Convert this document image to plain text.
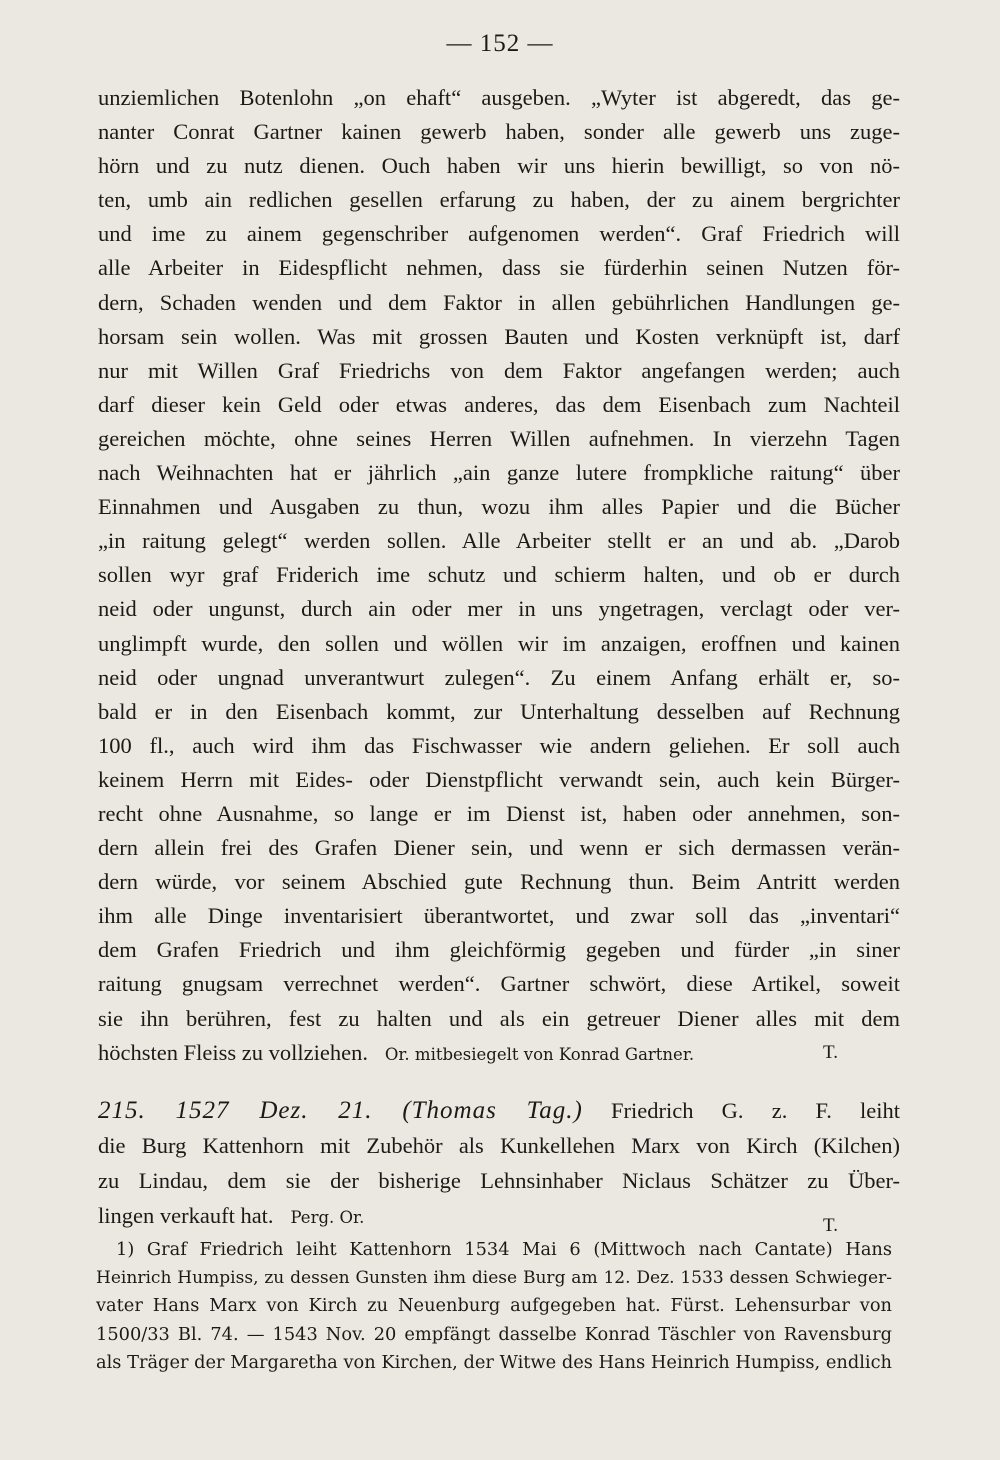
— 152 —
unziemlichen Botenlohn „on ehaft“ ausgeben. „Wyter ist abgeredt, das ge-
nanter Conrat Gartner kainen gewerb haben, sonder alle gewerb uns zuge-
hörn und zu nutz dienen. Ouch haben wir uns hierin bewilligt, so von nö-
ten, umb ain redlichen gesellen erfarung zu haben, der zu ainem bergrichter
und ime zu ainem gegenschriber aufgenomen werden“. Graf Friedrich will
alle Arbeiter in Eidespflicht nehmen, dass sie fürderhin seinen Nutzen för-
dern, Schaden wenden und dem Faktor in allen gebührlichen Handlungen ge-
horsam sein wollen. Was mit grossen Bauten und Kosten verknüpft ist, darf
nur mit Willen Graf Friedrichs von dem Faktor angefangen werden; auch
darf dieser kein Geld oder etwas anderes, das dem Eisenbach zum Nachteil
gereichen möchte, ohne seines Herren Willen aufnehmen. In vierzehn Tagen
nach Weihnachten hat er jährlich „ain ganze lutere frompkliche raitung“ über
Einnahmen und Ausgaben zu thun, wozu ihm alles Papier und die Bücher
„in raitung gelegt“ werden sollen. Alle Arbeiter stellt er an und ab. „Darob
sollen wyr graf Friderich ime schutz und schierm halten, und ob er durch
neid oder ungunst, durch ain oder mer in uns yngetragen, verclagt oder ver-
unglimpft wurde, den sollen und wöllen wir im anzaigen, eroffnen und kainen
neid oder ungnad unverantwurt zulegen“. Zu einem Anfang erhält er, so-
bald er in den Eisenbach kommt, zur Unterhaltung desselben auf Rechnung
100 fl., auch wird ihm das Fischwasser wie andern geliehen. Er soll auch
keinem Herrn mit Eides- oder Dienstpflicht verwandt sein, auch kein Bürger-
recht ohne Ausnahme, so lange er im Dienst ist, haben oder annehmen, son-
dern allein frei des Grafen Diener sein, und wenn er sich dermassen verän-
dern würde, vor seinem Abschied gute Rechnung thun. Beim Antritt werden
ihm alle Dinge inventarisiert überantwortet, und zwar soll das „inventari“
dem Grafen Friedrich und ihm gleichförmig gegeben und fürder „in siner
raitung gnugsam verrechnet werden“. Gartner schwört, diese Artikel, soweit
sie ihn berühren, fest zu halten und als ein getreuer Diener alles mit dem
höchsten Fleiss zu vollziehen. Or. mitbesiegelt von Konrad Gartner.	T.
215. 1527 Dez. 21. (Thomas Tag.) Friedrich G. z. F. leiht
die Burg Kattenhorn mit Zubehör als Kunkellehen Marx von Kirch (Kilchen)
zu Lindau, dem sie der bisherige Lehnsinhaber Niclaus Schätzer zu Über-
lingen verkauft hat. Perg. Or.	T.
1) Graf Friedrich leiht Kattenhorn 1534 Mai 6 (Mittwoch nach Cantate) Hans
Heinrich Humpiss, zu dessen Gunsten ihm diese Burg am 12. Dez. 1533 dessen Schwieger-
vater Hans Marx von Kirch zu Neuenburg aufgegeben hat. Fürst. Lehensurbar von
1500/33 Bl. 74. — 1543 Nov. 20 empfängt dasselbe Konrad Täschler von Ravensburg
als Träger der Margaretha von Kirchen, der Witwe des Hans Heinrich Humpiss, endlich
